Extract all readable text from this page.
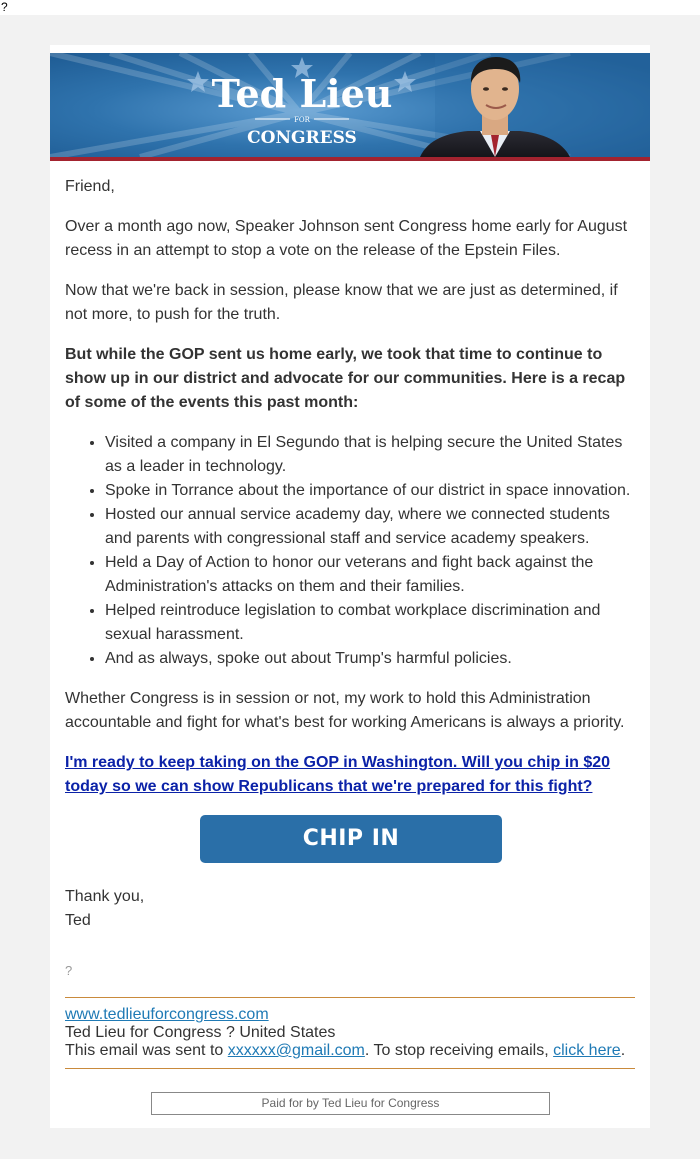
?
Ted Lieu
FOR
CONGRESS

Friend,

Over a month ago now, Speaker Johnson sent Congress home early for August recess in an attempt to stop a vote on the release of the Epstein Files.

Now that we're back in session, please know that we are just as determined, if not more, to push for the truth.

But while the GOP sent us home early, we took that time to continue to show up in our district and advocate for our communities. Here is a recap of some of the events this past month:

• Visited a company in El Segundo that is helping secure the United States as a leader in technology.
• Spoke in Torrance about the importance of our district in space innovation.
• Hosted our annual service academy day, where we connected students and parents with congressional staff and service academy speakers.
• Held a Day of Action to honor our veterans and fight back against the Administration's attacks on them and their families.
• Helped reintroduce legislation to combat workplace discrimination and sexual harassment.
• And as always, spoke out about Trump's harmful policies.

Whether Congress is in session or not, my work to hold this Administration accountable and fight for what's best for working Americans is always a priority.

I'm ready to keep taking on the GOP in Washington. Will you chip in $20 today so we can show Republicans that we're prepared for this fight?

CHIP IN

Thank you,
Ted

?
www.tedlieuforcongress.com
Ted Lieu for Congress ? United States
This email was sent to xxxxxx@gmail.com. To stop receiving emails, click here.
Paid for by Ted Lieu for Congress
